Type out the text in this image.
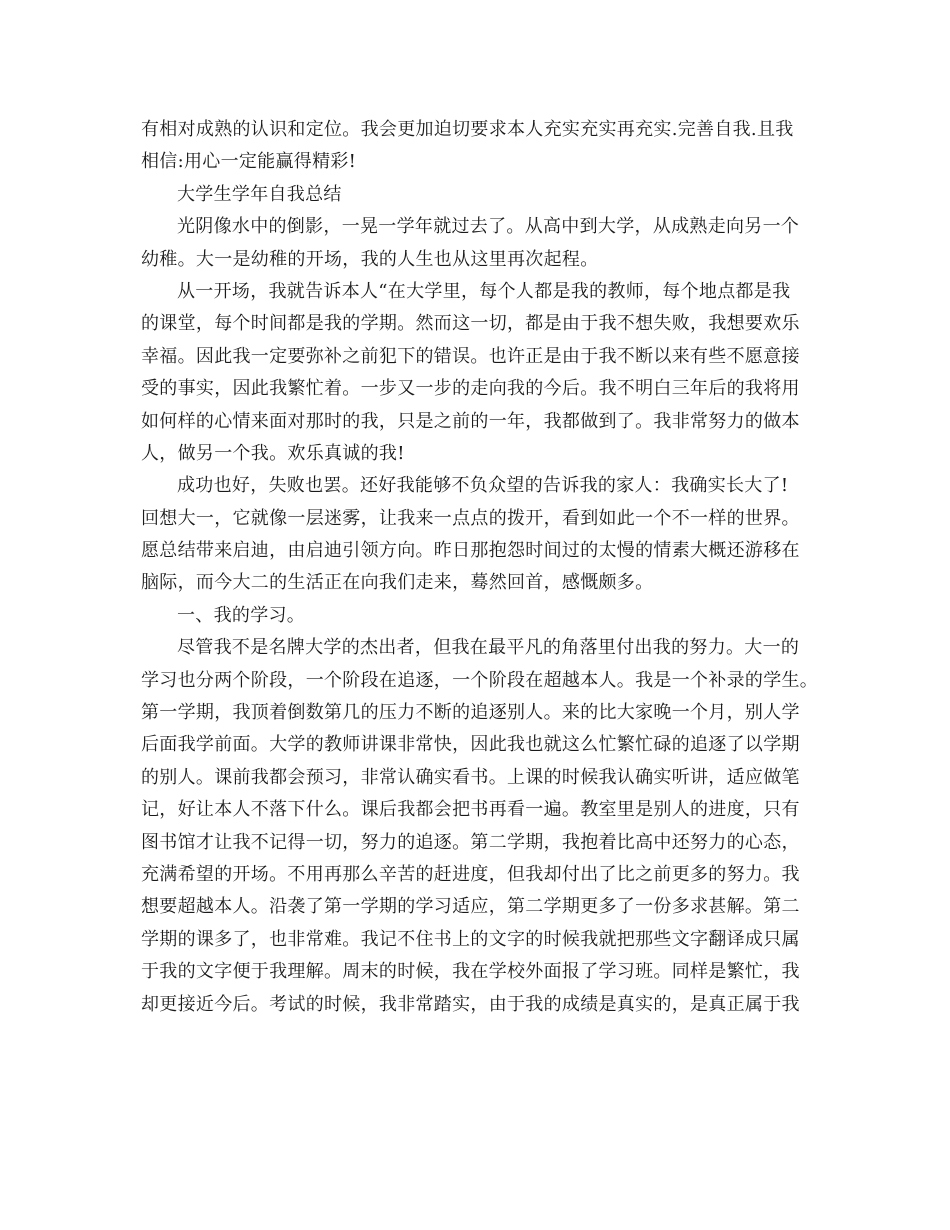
有相对成熟的认识和定位。我会更加迫切要求本人充实充实再充实.完善自我.且我
相信:用心一定能赢得精彩!
大学生学年自我总结
光阴像水中的倒影，一晃一学年就过去了。从高中到大学，从成熟走向另一个
幼稚。大一是幼稚的开场，我的人生也从这里再次起程。
从一开场，我就告诉本人“在大学里，每个人都是我的教师，每个地点都是我
的课堂，每个时间都是我的学期。然而这一切，都是由于我不想失败，我想要欢乐
幸福。因此我一定要弥补之前犯下的错误。也许正是由于我不断以来有些不愿意接
受的事实，因此我繁忙着。一步又一步的走向我的今后。我不明白三年后的我将用
如何样的心情来面对那时的我，只是之前的一年，我都做到了。我非常努力的做本
人，做另一个我。欢乐真诚的我!
成功也好，失败也罢。还好我能够不负众望的告诉我的家人：我确实长大了!
回想大一，它就像一层迷雾，让我来一点点的拨开，看到如此一个不一样的世界。
愿总结带来启迪，由启迪引领方向。昨日那抱怨时间过的太慢的情素大概还游移在
脑际，而今大二的生活正在向我们走来，蓦然回首，感慨颇多。
一、我的学习。
尽管我不是名牌大学的杰出者，但我在最平凡的角落里付出我的努力。大一的
学习也分两个阶段，一个阶段在追逐，一个阶段在超越本人。我是一个补录的学生。
第一学期，我顶着倒数第几的压力不断的追逐别人。来的比大家晚一个月，别人学
后面我学前面。大学的教师讲课非常快，因此我也就这么忙繁忙碌的追逐了以学期
的别人。课前我都会预习，非常认确实看书。上课的时候我认确实听讲，适应做笔
记，好让本人不落下什么。课后我都会把书再看一遍。教室里是别人的进度，只有
图书馆才让我不记得一切，努力的追逐。第二学期，我抱着比高中还努力的心态，
充满希望的开场。不用再那么辛苦的赶进度，但我却付出了比之前更多的努力。我
想要超越本人。沿袭了第一学期的学习适应，第二学期更多了一份多求甚解。第二
学期的课多了，也非常难。我记不住书上的文字的时候我就把那些文字翻译成只属
于我的文字便于我理解。周末的时候，我在学校外面报了学习班。同样是繁忙，我
却更接近今后。考试的时候，我非常踏实，由于我的成绩是真实的，是真正属于我
